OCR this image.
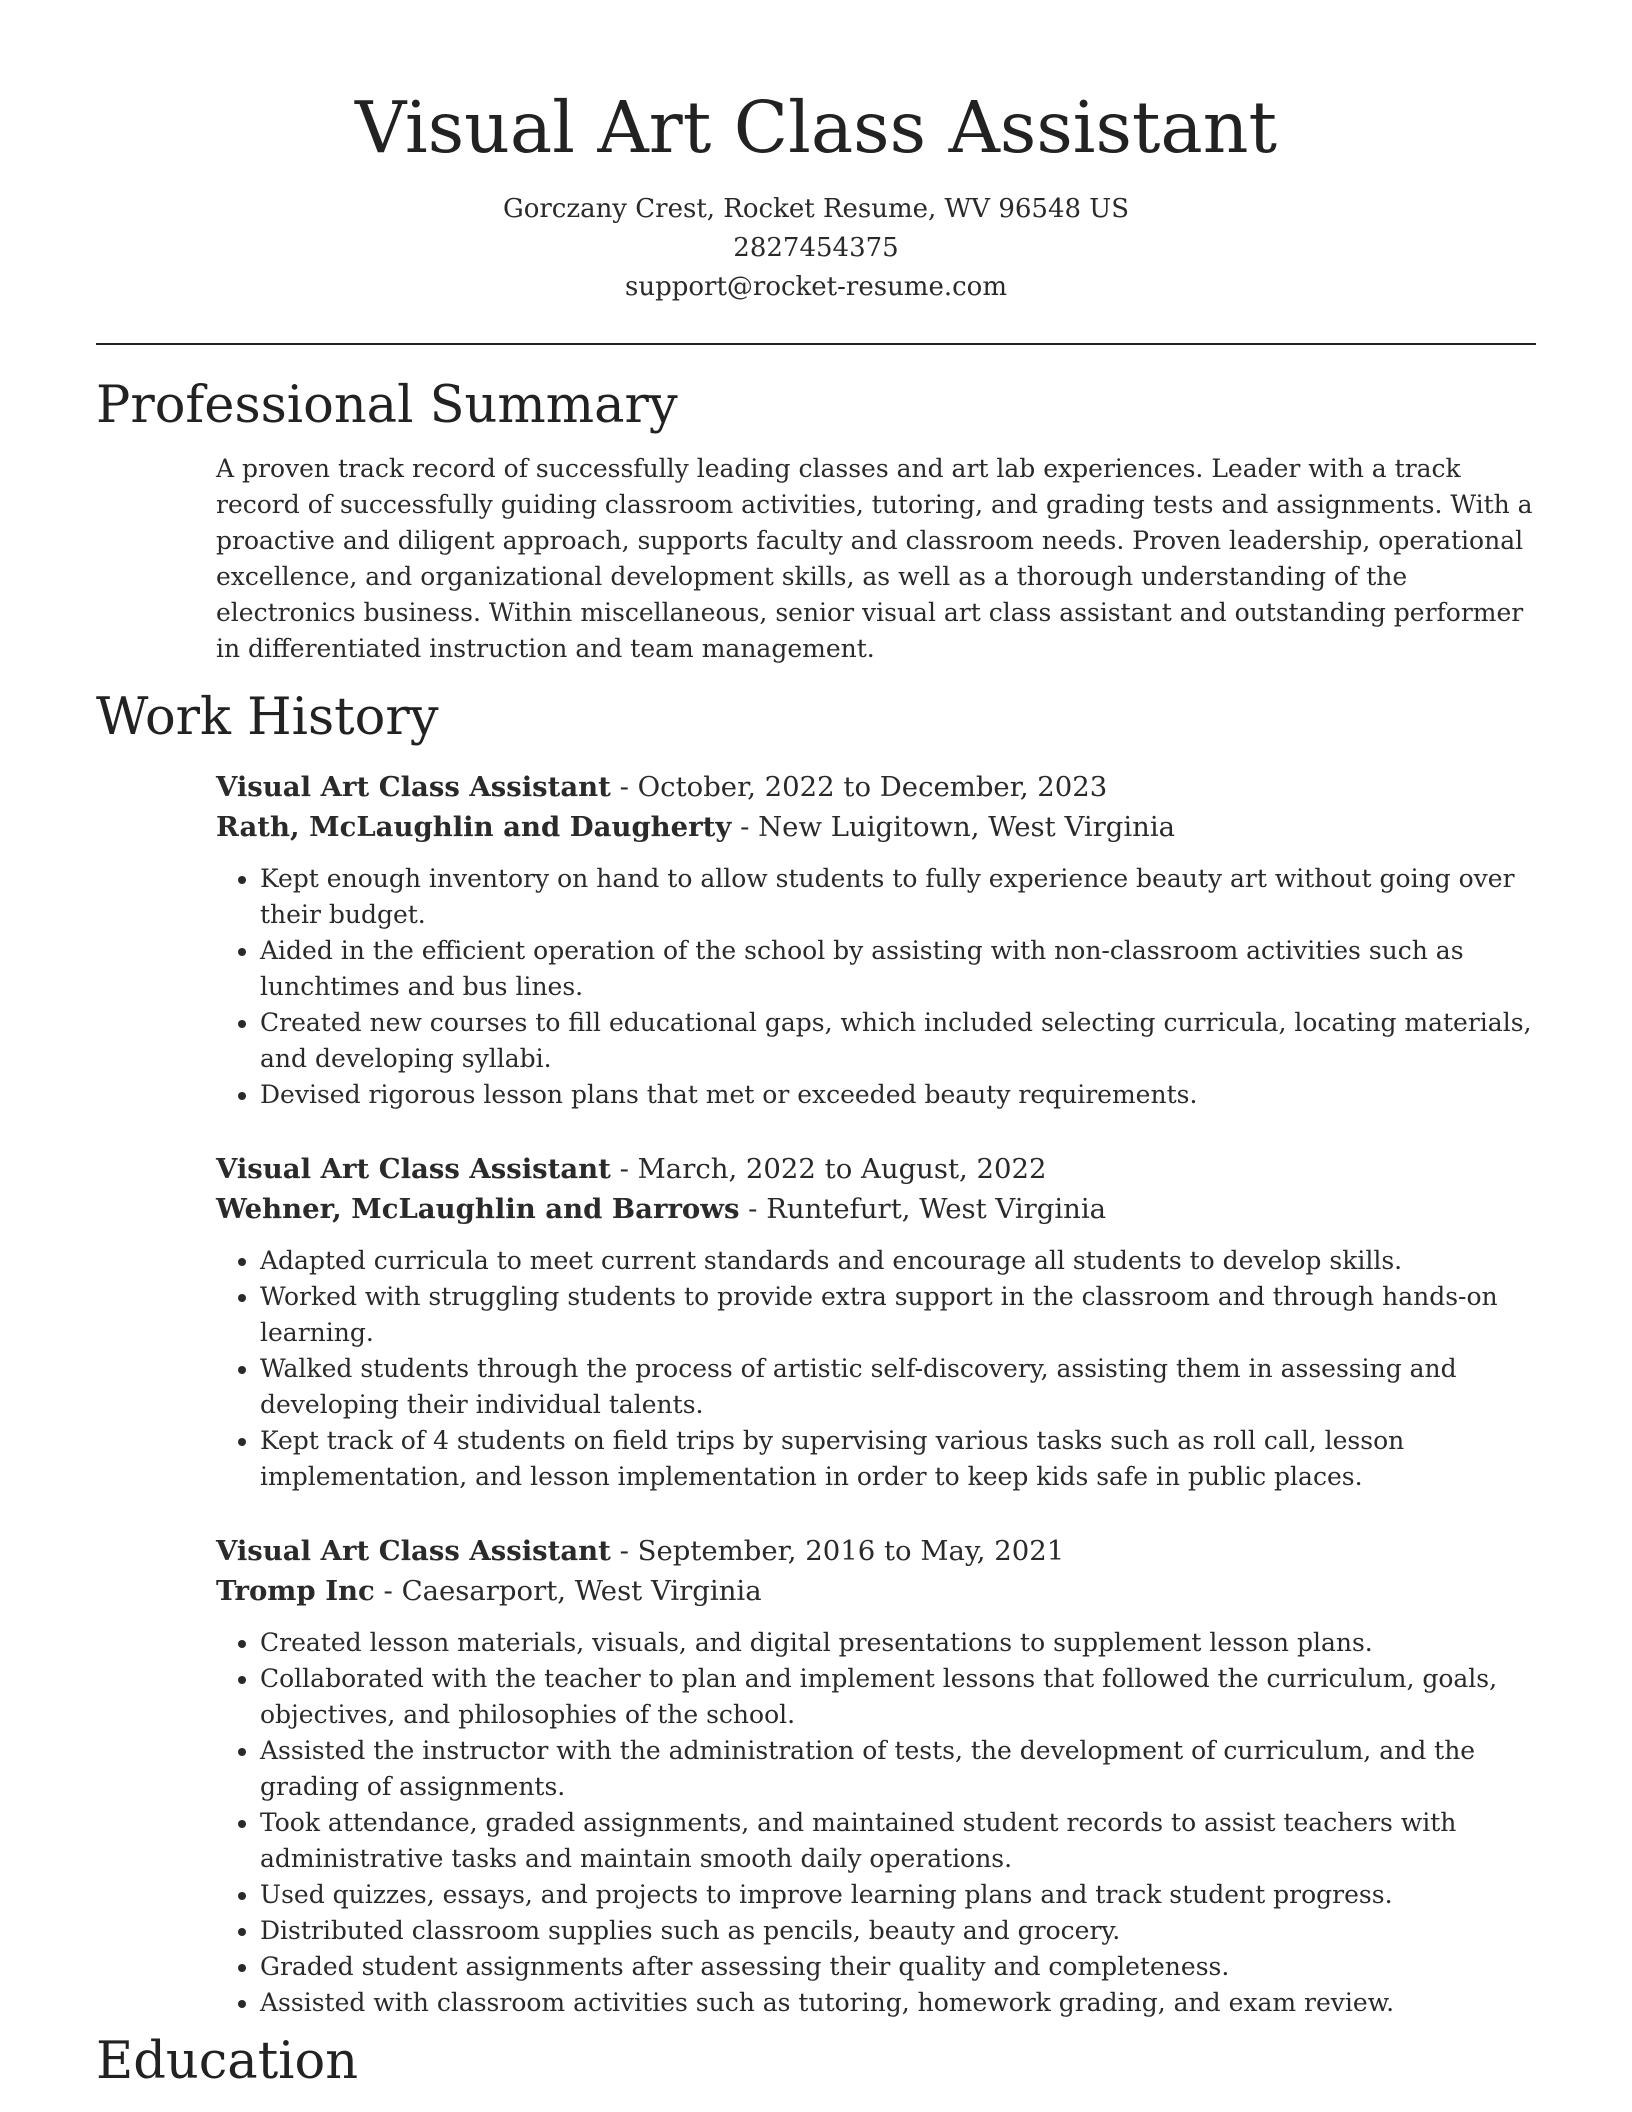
Visual Art Class Assistant
Gorczany Crest, Rocket Resume, WV 96548 US
2827454375
support@rocket-resume.com
Professional Summary

A proven track record of successfully leading classes and art lab experiences. Leader with a track record of successfully guiding classroom activities, tutoring, and grading tests and assignments. With a proactive and diligent approach, supports faculty and classroom needs. Proven leadership, operational excellence, and organizational development skills, as well as a thorough understanding of the electronics business. Within miscellaneous, senior visual art class assistant and outstanding performer in differentiated instruction and team management.

Work History
Visual Art Class Assistant - October, 2022 to December, 2023
Rath, McLaughlin and Daugherty - New Luigitown, West Virginia
• Kept enough inventory on hand to allow students to fully experience beauty art without going over their budget.
• Aided in the efficient operation of the school by assisting with non-classroom activities such as lunchtimes and bus lines.
• Created new courses to fill educational gaps, which included selecting curricula, locating materials, and developing syllabi.
• Devised rigorous lesson plans that met or exceeded beauty requirements.
Visual Art Class Assistant - March, 2022 to August, 2022
Wehner, McLaughlin and Barrows - Runtefurt, West Virginia
• Adapted curricula to meet current standards and encourage all students to develop skills.
• Worked with struggling students to provide extra support in the classroom and through hands-on learning.
• Walked students through the process of artistic self-discovery, assisting them in assessing and developing their individual talents.
• Kept track of 4 students on field trips by supervising various tasks such as roll call, lesson implementation, and lesson implementation in order to keep kids safe in public places.
Visual Art Class Assistant - September, 2016 to May, 2021
Tromp Inc - Caesarport, West Virginia
• Created lesson materials, visuals, and digital presentations to supplement lesson plans.
• Collaborated with the teacher to plan and implement lessons that followed the curriculum, goals, objectives, and philosophies of the school.
• Assisted the instructor with the administration of tests, the development of curriculum, and the grading of assignments.
• Took attendance, graded assignments, and maintained student records to assist teachers with administrative tasks and maintain smooth daily operations.
• Used quizzes, essays, and projects to improve learning plans and track student progress.
• Distributed classroom supplies such as pencils, beauty and grocery.
• Graded student assignments after assessing their quality and completeness.
• Assisted with classroom activities such as tutoring, homework grading, and exam review.
Education
